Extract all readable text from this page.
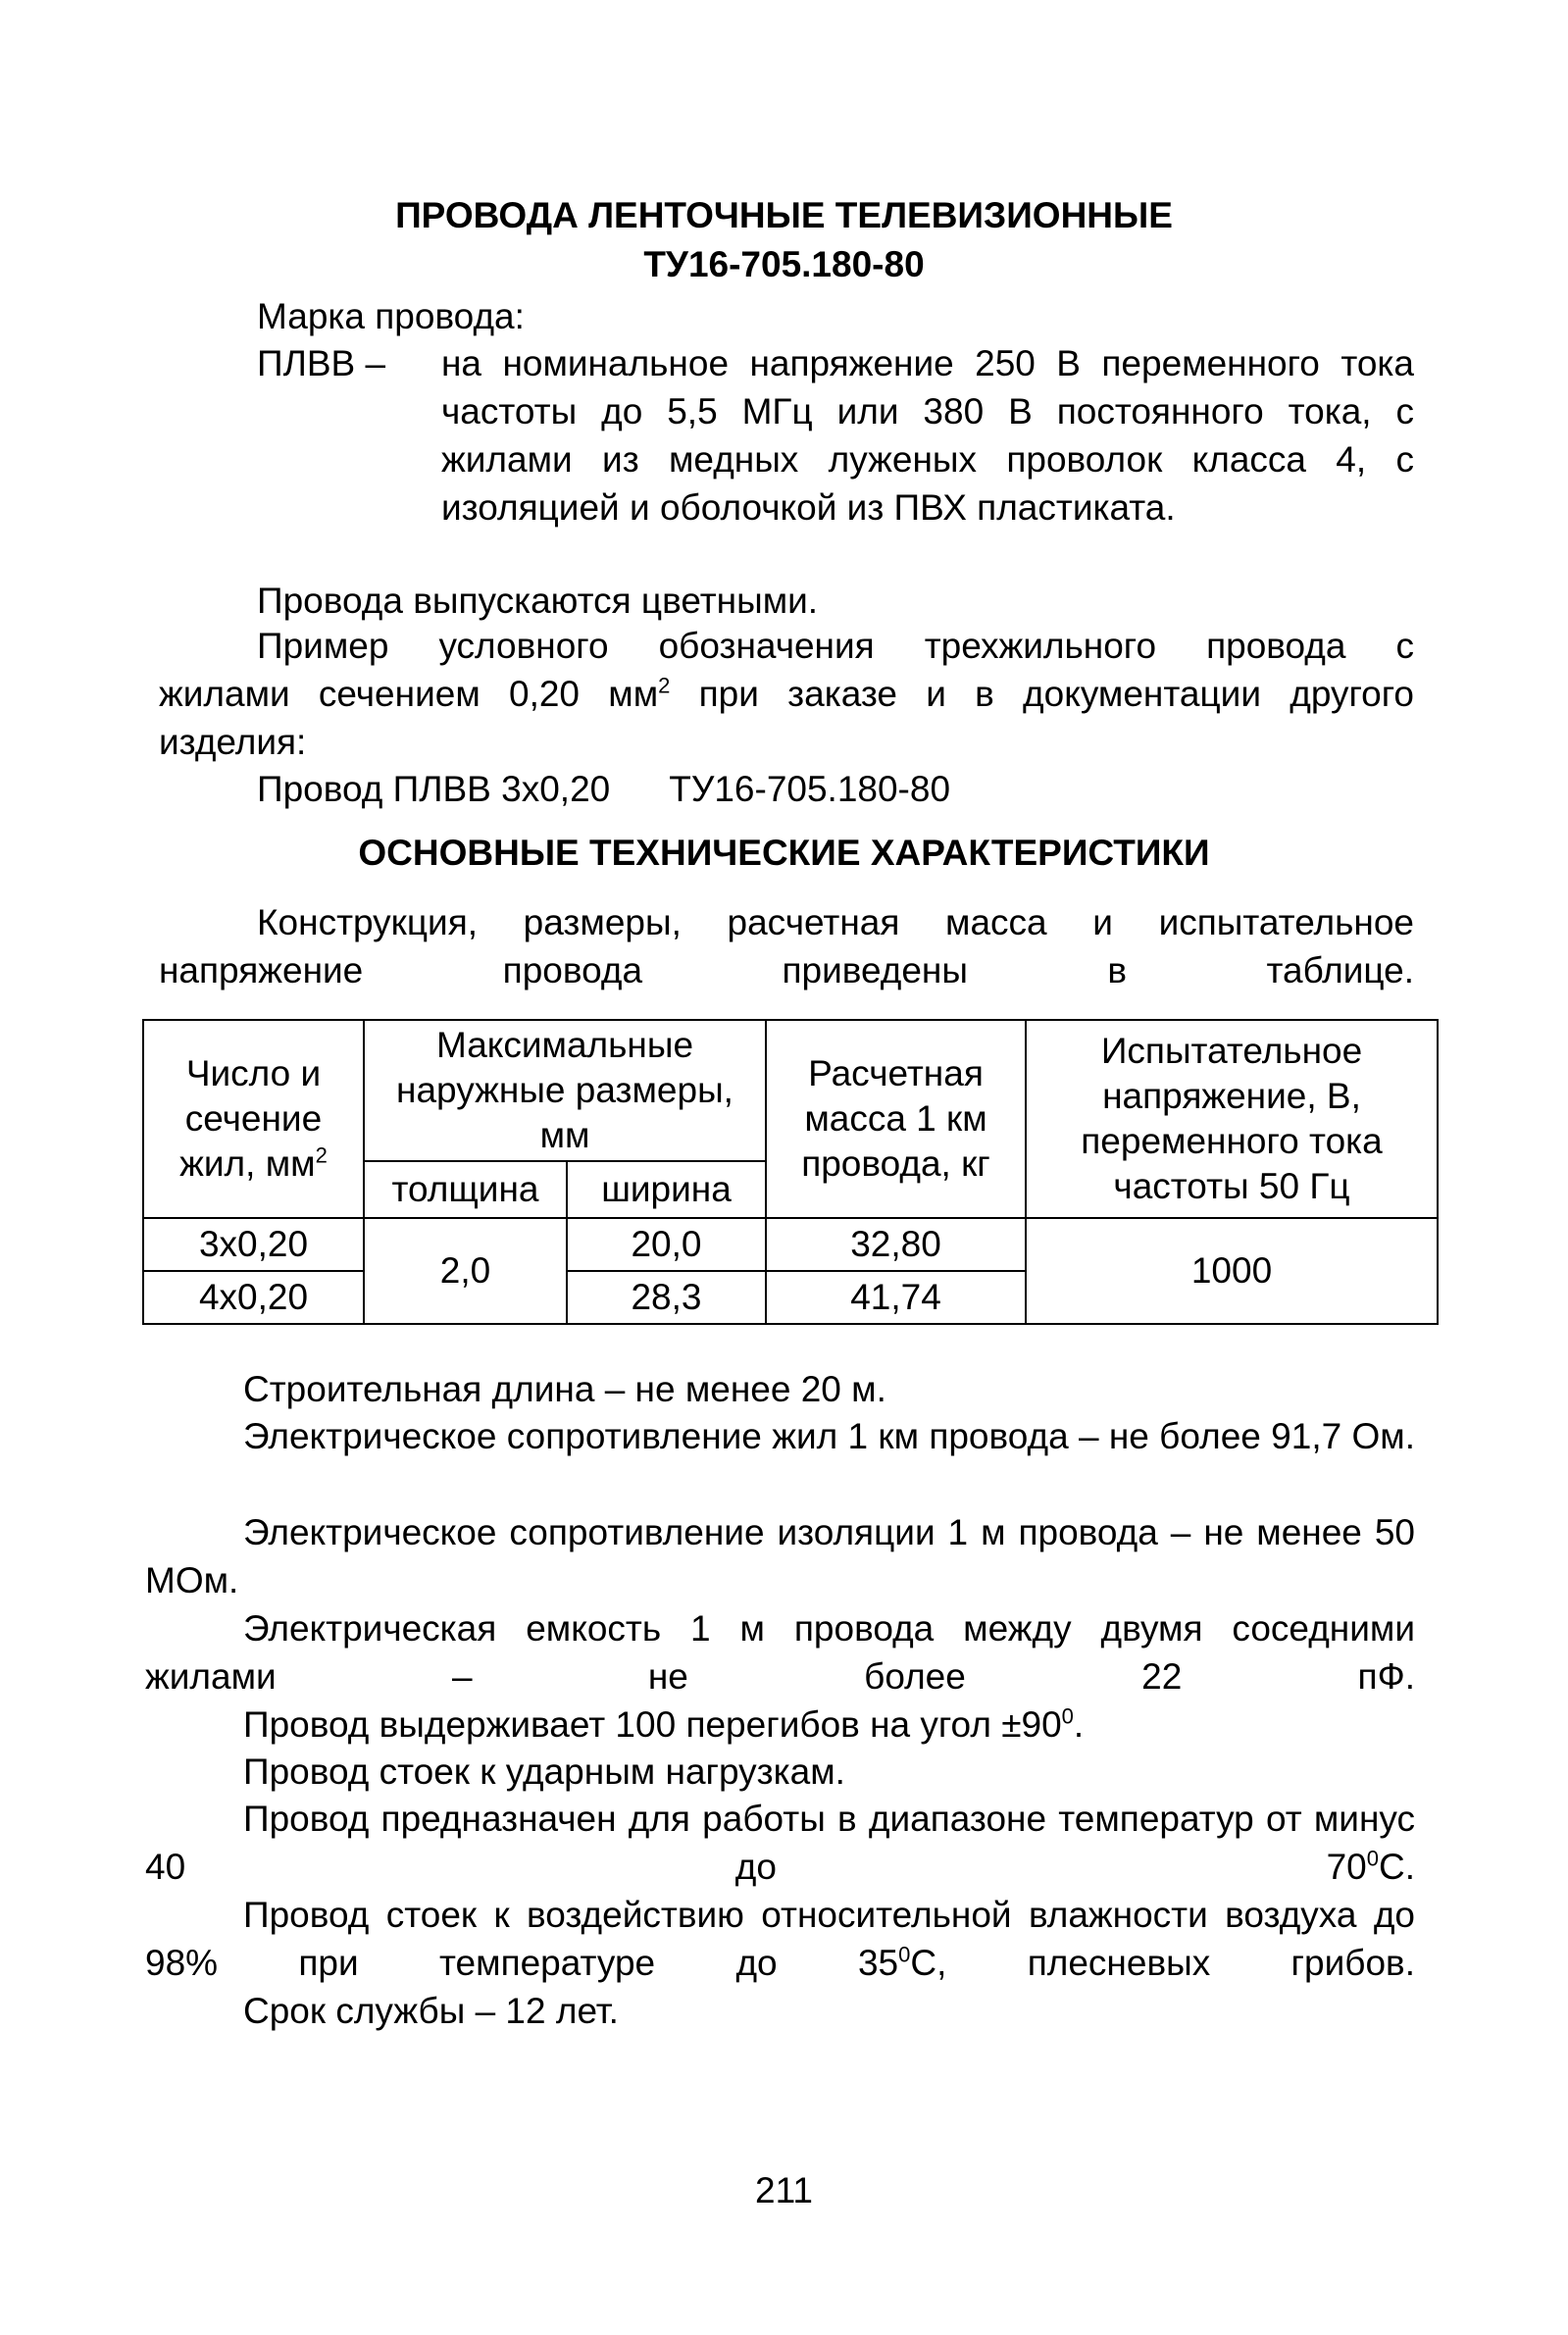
ПРОВОДА ЛЕНТОЧНЫЕ ТЕЛЕВИЗИОННЫЕ

ТУ16-705.180-80

Марка провода:

ПЛВВ –	на номинальное напряжение 250 В переменного тока частоты до 5,5 МГц или 380 В постоянного тока, с жилами из медных луженых проволок класса 4, с изоляцией и оболочкой из ПВХ пластиката.

Провода выпускаются цветными.

Пример условного обозначения трехжильного провода с
жилами сечением 0,20 $мм^2$ при заказе и в документации другого
изделия:

Провод ПЛВВ 3х0,20 ТУ16-705.180-80

ОСНОВНЫЕ ТЕХНИЧЕСКИЕ ХАРАКТЕРИСТИКИ

Конструкция, размеры, расчетная масса и испытательное напряжение провода приведены в таблице.
Число и сечение жил, $мм^2$	Максимальные наружные размеры, мм		Расчетная масса 1 км провода, кг	Испытательное напряжение, В, переменного тока частоты 50 Гц
	толщина	ширина		
3х0,20	2,0	20,0	32,80	1000
4х0,20		28,3	41,74	

Строительная длина – не менее 20 м.

Электрическое сопротивление жил 1 км провода – не более 91,7 Ом.
Электрическое сопротивление изоляции 1 м провода – не менее 50 МОм.
Электрическая емкость 1 м провода между двумя соседними жилами – не более 22 пФ.

Провод выдерживает 100 перегибов на угол $\pm 90^0$.

Провод стоек к ударным нагрузкам.

Провод предназначен для работы в диапазоне температур от минус 40 до $70^0С$.
Провод стоек к воздействию относительной влажности воздуха до 98% при температуре до $35^0С$, плесневых грибов.

Срок службы – 12 лет.

211
